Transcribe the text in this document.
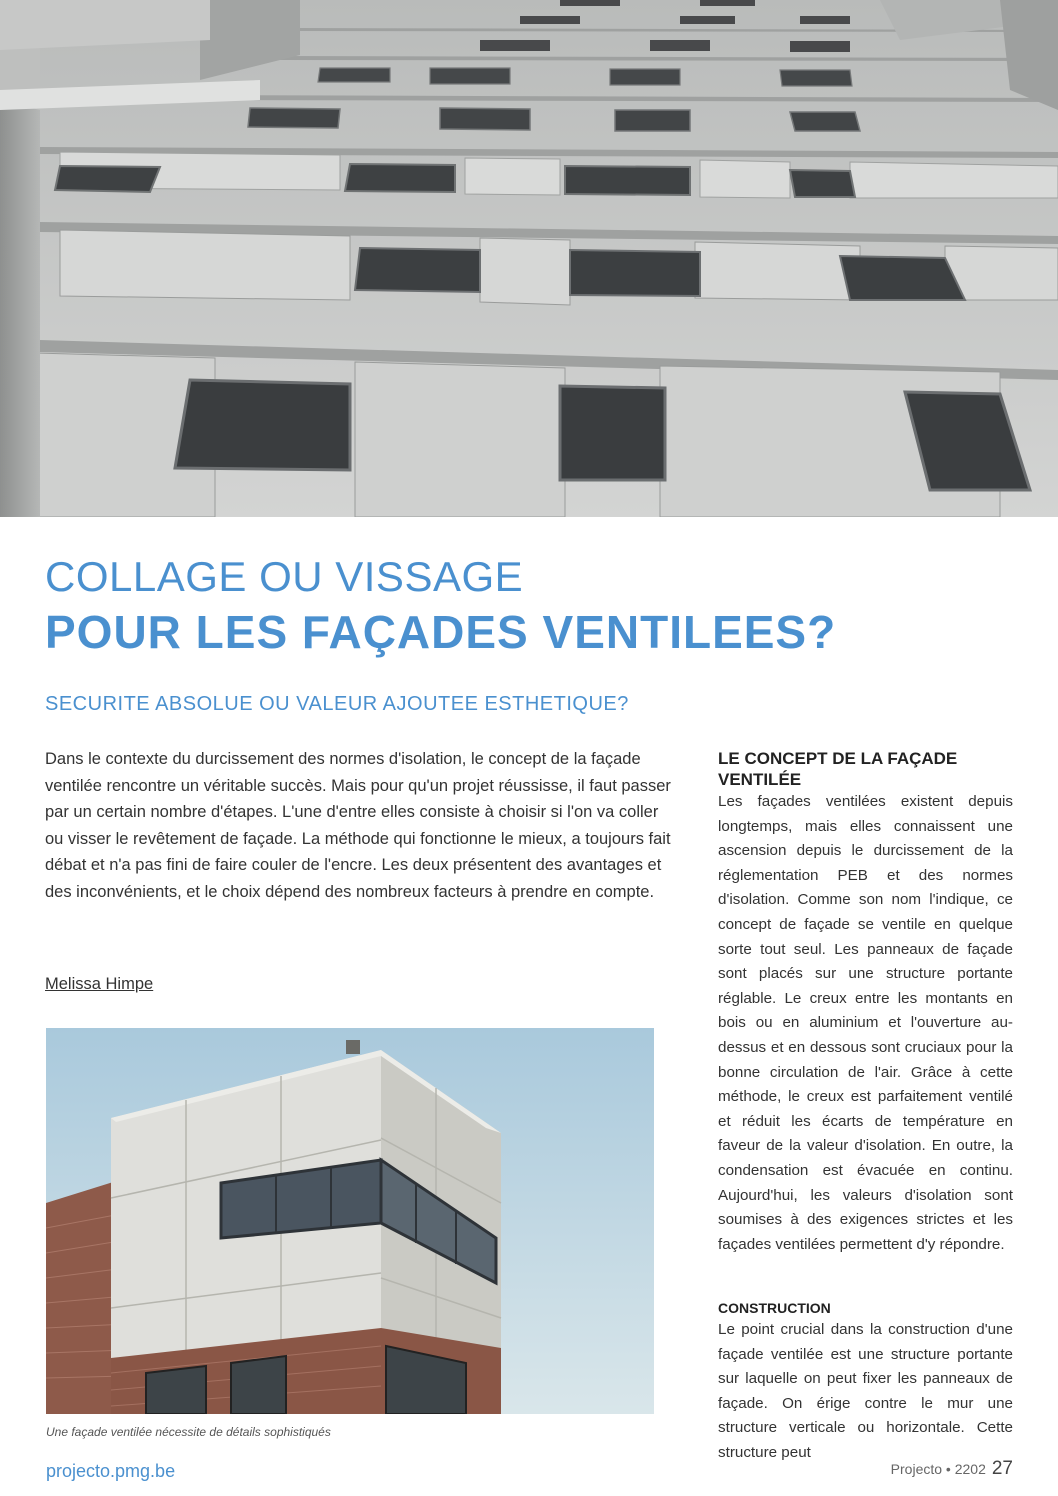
COLLAGE OU VISSAGE
POUR LES FAÇADES VENTILEES?
SECURITE ABSOLUE OU VALEUR AJOUTEE ESTHETIQUE?
Dans le contexte du durcissement des normes d'isolation, le concept de la façade ventilée rencontre un véritable succès. Mais pour qu'un projet réussisse, il faut passer par un certain nombre d'étapes. L'une d'entre elles consiste à choisir si l'on va coller ou visser le revêtement de façade. La méthode qui fonctionne le mieux, a toujours fait débat et n'a pas fini de faire couler de l'encre. Les deux présentent des avantages et des inconvénients, et le choix dépend des nombreux facteurs à prendre en compte.
Melissa Himpe
Une façade ventilée nécessite de détails sophistiqués
LE CONCEPT DE LA FAÇADE VENTILÉE

Les façades ventilées existent depuis longtemps, mais elles connaissent une ascension depuis le durcissement de la réglementation PEB et des normes d'isolation. Comme son nom l'indique, ce concept de façade se ventile en quelque sorte tout seul. Les panneaux de façade sont placés sur une structure portante réglable. Le creux entre les montants en bois ou en aluminium et l'ouverture au-dessus et en dessous sont cruciaux pour la bonne circulation de l'air. Grâce à cette méthode, le creux est parfaitement ventilé et réduit les écarts de température en faveur de la valeur d'isolation. En outre, la condensation est évacuée en continu. Aujourd'hui, les valeurs d'isolation sont soumises à des exigences strictes et les façades ventilées permettent d'y répondre.

CONSTRUCTION

Le point crucial dans la construction d'une façade ventilée est une structure portante sur laquelle on peut fixer les panneaux de façade. On érige contre le mur une structure verticale ou horizontale. Cette structure peut

projecto.pmg.be	Projecto • 2202 27
